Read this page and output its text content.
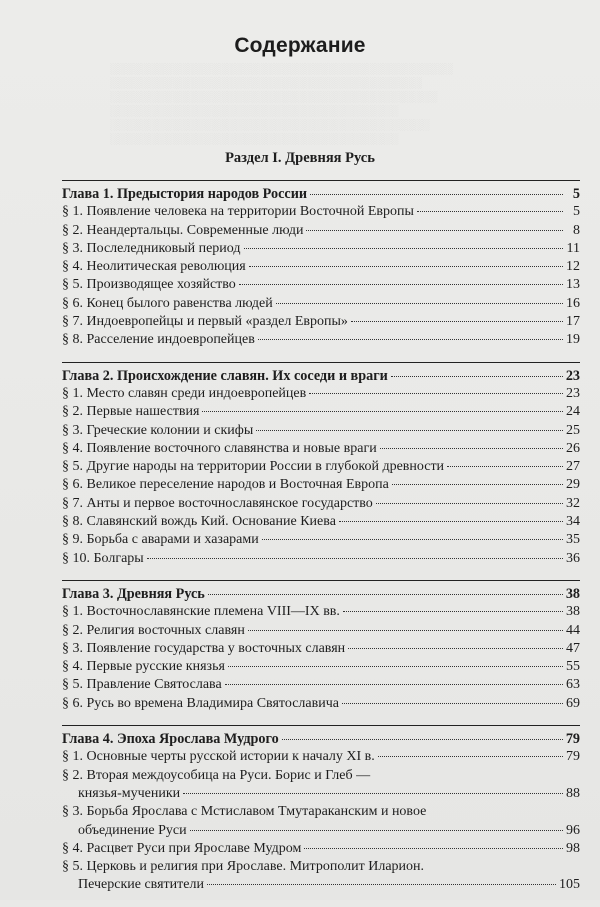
░░░░░░░░░░░░░░░░░░░░░░░░░░░░░░░░░░░░░░░░░░░░
░░░░░░░░░░░░░░░░░░░░░░░░░░░░░░░░░░░░░░░░
░░░░░░░░░░░░░░░░░░░░░░░░░░░░░░░░░░░░░░░░░░
░░░░░░░░░░░░░░░░░░░░░░░░░░░░░░░░░░░░░
░░░░░░░░░░░░░░░░░░░░░░░░░░░░░░░░░░░░░░░░░
░░░░░░░░░░░░░░░░░░░░░░░░░░░░░░░░░░░░░
Содержание
Раздел I. Древняя Русь
Глава 1. Предыстория народов России	5
§ 1. Появление человека на территории Восточной Европы	5
§ 2. Неандертальцы. Современные люди	8
§ 3. Послеледниковый период	11
§ 4. Неолитическая революция	12
§ 5. Производящее хозяйство	13
§ 6. Конец былого равенства людей	16
§ 7. Индоевропейцы и первый «раздел Европы»	17
§ 8. Расселение индоевропейцев	19
Глава 2. Происхождение славян. Их соседи и враги	23
§ 1. Место славян среди индоевропейцев	23
§ 2. Первые нашествия	24
§ 3. Греческие колонии и скифы	25
§ 4. Появление восточного славянства и новые враги	26
§ 5. Другие народы на территории России в глубокой древности	27
§ 6. Великое переселение народов и Восточная Европа	29
§ 7. Анты и первое восточнославянское государство	32
§ 8. Славянский вождь Кий. Основание Киева	34
§ 9. Борьба с аварами и хазарами	35
§ 10. Болгары	36
Глава 3. Древняя Русь	38
§ 1. Восточнославянские племена VIII—IX вв.	38
§ 2. Религия восточных славян	44
§ 3. Появление государства у восточных славян	47
§ 4. Первые русские князья	55
§ 5. Правление Святослава	63
§ 6. Русь во времена Владимира Святославича	69
Глава 4. Эпоха Ярослава Мудрого	79
§ 1. Основные черты русской истории к началу XI в.	79
§ 2. Вторая междоусобица на Руси. Борис и Глеб —
князья-мученики	88
§ 3. Борьба Ярослава с Мстиславом Тмутараканским и новое
объединение Руси	96
§ 4. Расцвет Руси при Ярославе Мудром	98
§ 5. Церковь и религия при Ярославе. Митрополит Иларион.
Печерские святители	105
